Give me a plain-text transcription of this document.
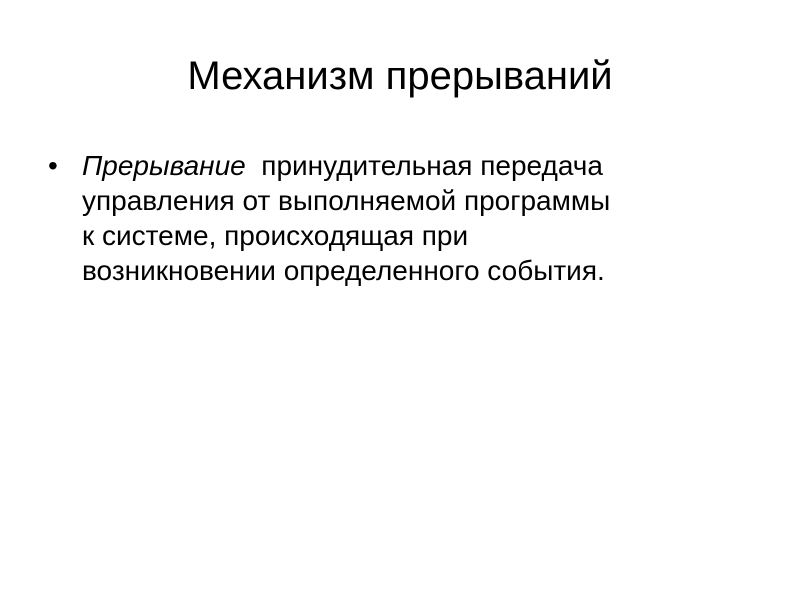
Механизм прерываний
• Прерывание принудительная передача
управления от выполняемой программы
к системе, происходящая при
возникновении определенного события.
